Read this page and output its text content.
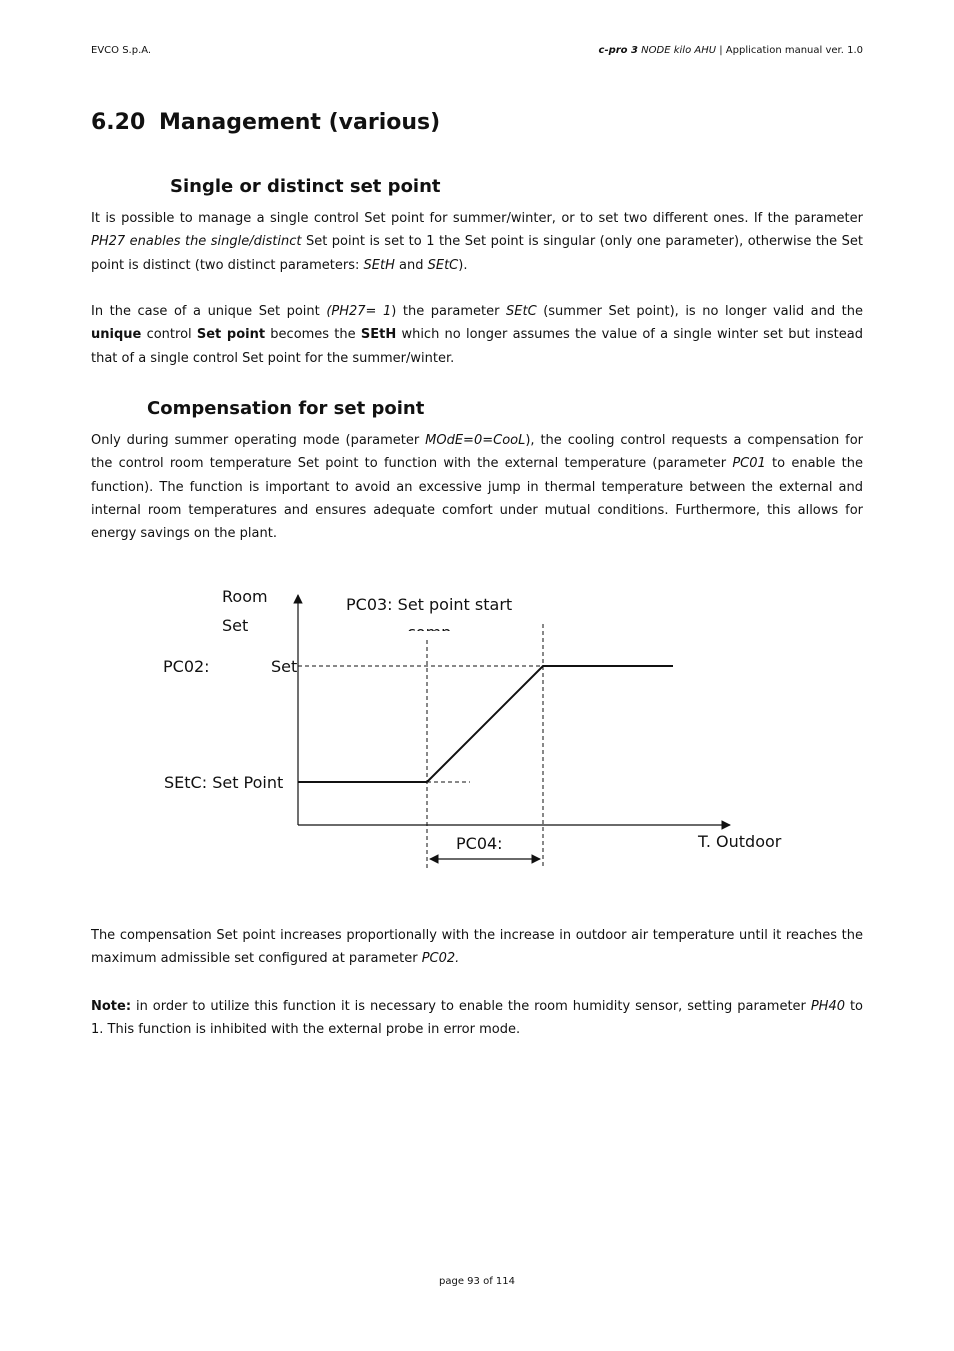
EVCO S.p.A.	c-pro 3 NODE kilo AHU | Application manual ver. 1.0
6.20 Management (various)
Single or distinct set point

It is possible to manage a single control Set point for summer/winter, or to set two different ones. If the parameter PH27 enables the single/distinct Set point is set to 1 the Set point is singular (only one parameter), otherwise the Set point is distinct (two distinct parameters: SEtH and SEtC).

In the case of a unique Set point (PH27= 1) the parameter SEtC (summer Set point), is no longer valid and the unique control Set point becomes the SEtH which no longer assumes the value of a single winter set but instead that of a single control Set point for the summer/winter.

Compensation for set point

Only during summer operating mode (parameter MOdE=0=CooL), the cooling control requests a compensation for the control room temperature Set point to function with the external temperature (parameter PC01 to enable the function). The function is important to avoid an excessive jump in thermal temperature between the external and internal room temperatures and ensures adequate comfort under mutual conditions. Furthermore, this allows for energy savings on the plant.

Room
Set
PC03: Set point start
comp
PC02:	Set
SEtC: Set Point
PC04:	T. Outdoor

The compensation Set point increases proportionally with the increase in outdoor air temperature until it reaches the maximum admissible set configured at parameter PC02.

Note: in order to utilize this function it is necessary to enable the room humidity sensor, setting parameter PH40 to 1. This function is inhibited with the external probe in error mode.

page 93 of 114
